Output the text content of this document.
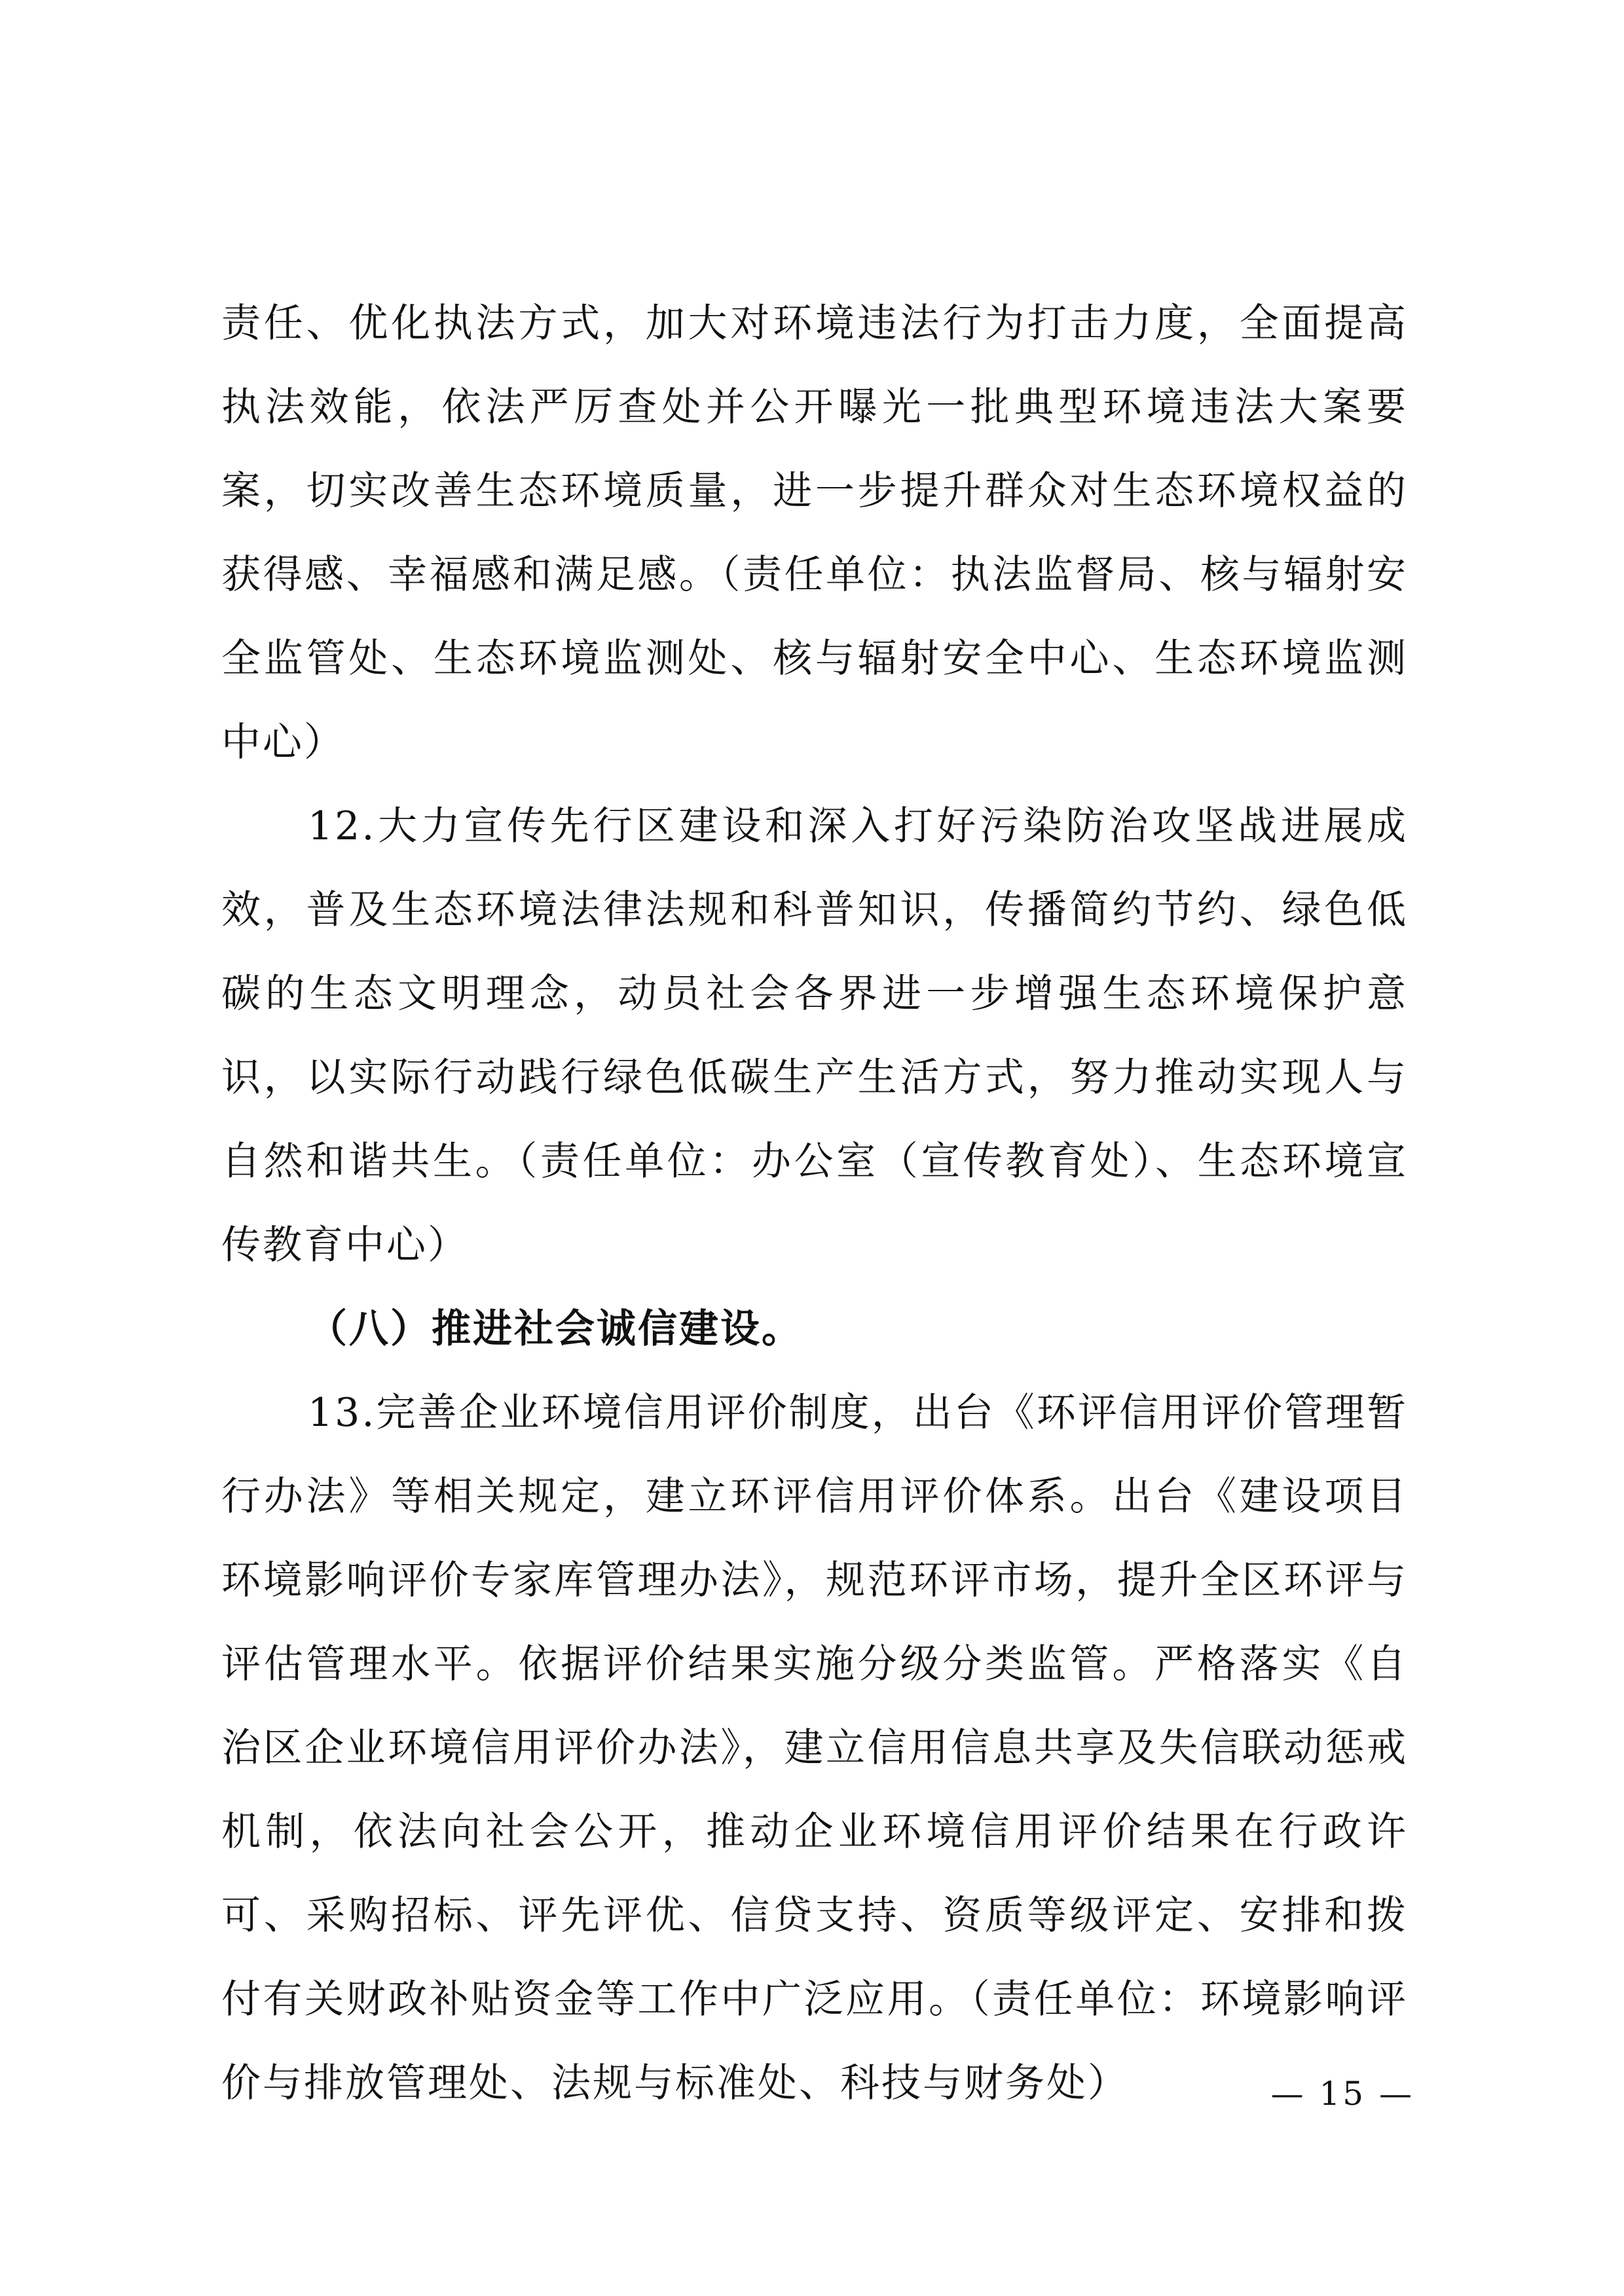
责任、优化执法方式，加大对环境违法行为打击力度，全面提高执法效能，依法严厉查处并公开曝光一批典型环境违法大案要案，切实改善生态环境质量，进一步提升群众对生态环境权益的获得感、幸福感和满足感。（责任单位：执法监督局、核与辐射安全监管处、生态环境监测处、核与辐射安全中心、生态环境监测中心）

12.大力宣传先行区建设和深入打好污染防治攻坚战进展成效，普及生态环境法律法规和科普知识，传播简约节约、绿色低碳的生态文明理念，动员社会各界进一步增强生态环境保护意识，以实际行动践行绿色低碳生产生活方式，努力推动实现人与自然和谐共生。（责任单位：办公室（宣传教育处）、生态环境宣传教育中心）

（八）推进社会诚信建设。

13.完善企业环境信用评价制度，出台《环评信用评价管理暂行办法》等相关规定，建立环评信用评价体系。出台《建设项目环境影响评价专家库管理办法》，规范环评市场，提升全区环评与评估管理水平。依据评价结果实施分级分类监管。严格落实《自治区企业环境信用评价办法》，建立信用信息共享及失信联动惩戒机制，依法向社会公开，推动企业环境信用评价结果在行政许可、采购招标、评先评优、信贷支持、资质等级评定、安排和拨付有关财政补贴资金等工作中广泛应用。（责任单位：环境影响评价与排放管理处、法规与标准处、科技与财务处）	— 15 —
